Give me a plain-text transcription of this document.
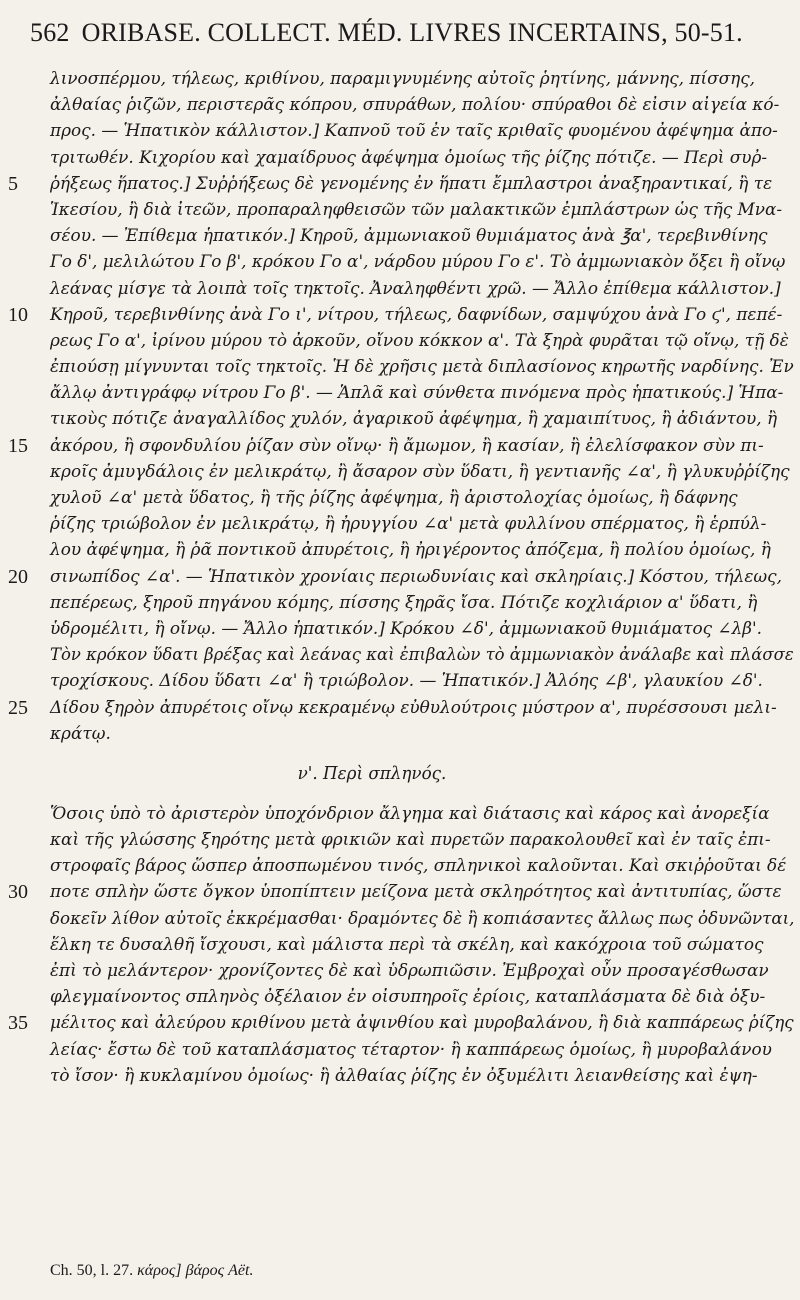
562 ORIBASE. COLLECT. MÉD. LIVRES INCERTAINS, 50-51.
λινοσπέρμου, τήλεως, κριθίνου, παραμιγνυμένης αὐτοῖς ῥητίνης, μάννης, πίσσης,
ἀλθαίας ῥιζῶν, περιστερᾶς κόπρου, σπυράθων, πολίου· σπύραθοι δὲ εἰσιν αἰγεία κό-
προς. — Ἡπατικὸν κάλλιστον.] Καπνοῦ τοῦ ἐν ταῖς κριθαῖς φυομένου ἀφέψημα ἀπο-
τριτωθέν. Κιχορίου καὶ χαμαίδρυος ἀφέψημα ὁμοίως τῆς ῥίζης πότιζε. — Περὶ συῤ-
5	ῥήξεως ἥπατος.] Συῤῥήξεως δὲ γενομένης ἐν ἥπατι ἔμπλαστροι ἀναξηραντικαί, ἢ τε
Ἱκεσίου, ἢ διὰ ἰτεῶν, προπαραληφθεισῶν τῶν μαλακτικῶν ἐμπλάστρων ὡς τῆς Μνα-
σέου. — Ἐπίθεμα ἡπατικόν.] Κηροῦ, ἀμμωνιακοῦ θυμιάματος ἀνὰ ℥α', τερεβινθίνης
Γο δ', μελιλώτου Γο β', κρόκου Γο α', νάρδου μύρου Γο ε'. Τὸ ἀμμωνιακὸν ὄξει ἢ οἴνῳ
λεάνας μίσγε τὰ λοιπὰ τοῖς τηκτοῖς. Ἀναληφθέντι χρῶ. — Ἄλλο ἐπίθεμα κάλλιστον.]
10	Κηροῦ, τερεβινθίνης ἀνὰ Γο ι', νίτρου, τήλεως, δαφνίδων, σαμψύχου ἀνὰ Γο ϛ', πεπέ-
ρεως Γο α', ἰρίνου μύρου τὸ ἀρκοῦν, οἴνου κόκκον α'. Τὰ ξηρὰ φυρᾶται τῷ οἴνῳ, τῇ δὲ
ἐπιούσῃ μίγνυνται τοῖς τηκτοῖς. Ἡ δὲ χρῆσις μετὰ διπλασίονος κηρωτῆς ναρδίνης. Ἐν
ἄλλῳ ἀντιγράφῳ νίτρου Γο β'. — Ἁπλᾶ καὶ σύνθετα πινόμενα πρὸς ἡπατικούς.] Ἡπα-
τικοὺς πότιζε ἀναγαλλίδος χυλόν, ἀγαρικοῦ ἀφέψημα, ἢ χαμαιπίτυος, ἢ ἀδιάντου, ἢ
15	ἀκόρου, ἢ σφονδυλίου ῥίζαν σὺν οἴνῳ· ἢ ἄμωμον, ἢ κασίαν, ἢ ἐλελίσφακον σὺν πι-
κροῖς ἀμυγδάλοις ἐν μελικράτῳ, ἢ ἄσαρον σὺν ὕδατι, ἢ γεντιανῆς ∠α', ἢ γλυκυῤῥίζης
χυλοῦ ∠α' μετὰ ὕδατος, ἢ τῆς ῥίζης ἀφέψημα, ἢ ἀριστολοχίας ὁμοίως, ἢ δάφνης
ῥίζης τριώβολον ἐν μελικράτῳ, ἢ ἠρυγγίου ∠α' μετὰ φυλλίνου σπέρματος, ἢ ἑρπύλ-
λου ἀφέψημα, ἢ ῥᾶ ποντικοῦ ἀπυρέτοις, ἢ ἠριγέροντος ἀπόζεμα, ἢ πολίου ὁμοίως, ἢ
20	σινωπίδος ∠α'. — Ἡπατικὸν χρονίαις περιωδυνίαις καὶ σκληρίαις.] Κόστου, τήλεως,
πεπέρεως, ξηροῦ πηγάνου κόμης, πίσσης ξηρᾶς ἴσα. Πότιζε κοχλιάριον α' ὕδατι, ἢ
ὑδρομέλιτι, ἢ οἴνῳ. — Ἄλλο ἡπατικόν.] Κρόκου ∠δ', ἀμμωνιακοῦ θυμιάματος ∠λβ'.
Τὸν κρόκον ὕδατι βρέξας καὶ λεάνας καὶ ἐπιβαλὼν τὸ ἀμμωνιακὸν ἀνάλαβε καὶ πλάσσε
τροχίσκους. Δίδου ὕδατι ∠α' ἢ τριώβολον. — Ἡπατικόν.] Ἀλόης ∠β', γλαυκίου ∠δ'.
25	Δίδου ξηρὸν ἀπυρέτοις οἴνῳ κεκραμένῳ εὐθυλούτροις μύστρον α', πυρέσσουσι μελι-
κράτῳ.
ν'. Περὶ σπληνός.
Ὅσοις ὑπὸ τὸ ἀριστερὸν ὑποχόνδριον ἄλγημα καὶ διάτασις καὶ κάρος καὶ ἀνορεξία
καὶ τῆς γλώσσης ξηρότης μετὰ φρικιῶν καὶ πυρετῶν παρακολουθεῖ καὶ ἐν ταῖς ἐπι-
στροφαῖς βάρος ὥσπερ ἀποσπωμένου τινός, σπληνικοὶ καλοῦνται. Καὶ σκιῤῥοῦται δέ
30	ποτε σπλὴν ὥστε ὄγκον ὑποπίπτειν μείζονα μετὰ σκληρότητος καὶ ἀντιτυπίας, ὥστε
δοκεῖν λίθον αὐτοῖς ἐκκρέμασθαι· δραμόντες δὲ ἢ κοπιάσαντες ἄλλως πως ὀδυνῶνται,
ἕλκη τε δυσαλθῆ ἴσχουσι, καὶ μάλιστα περὶ τὰ σκέλη, καὶ κακόχροια τοῦ σώματος
ἐπὶ τὸ μελάντερον· χρονίζοντες δὲ καὶ ὑδρωπιῶσιν. Ἐμβροχαὶ οὖν προσαγέσθωσαν
φλεγμαίνοντος σπληνὸς ὀξέλαιον ἐν οἰσυπηροῖς ἐρίοις, καταπλάσματα δὲ διὰ ὀξυ-
35	μέλιτος καὶ ἀλεύρου κριθίνου μετὰ ἀψινθίου καὶ μυροβαλάνου, ἢ διὰ καππάρεως ῥίζης
λείας· ἔστω δὲ τοῦ καταπλάσματος τέταρτον· ἢ καππάρεως ὁμοίως, ἢ μυροβαλάνου
τὸ ἴσον· ἢ κυκλαμίνου ὁμοίως· ἢ ἀλθαίας ῥίζης ἐν ὀξυμέλιτι λειανθείσης καὶ ἐψη-
Ch. 50, l. 27. κάρος] βάρος Aët.
